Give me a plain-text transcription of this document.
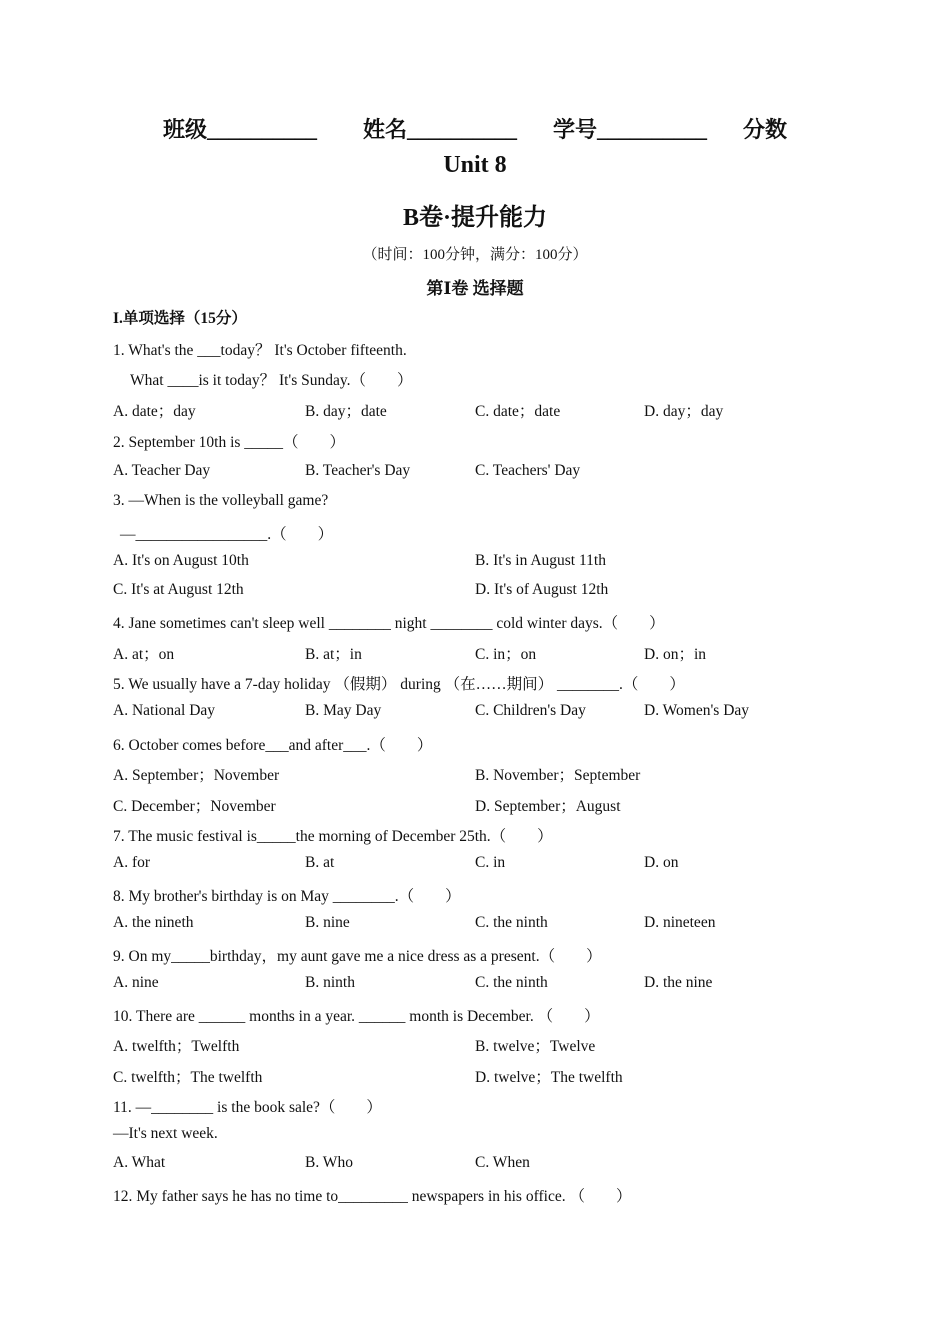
班级__________ 姓名__________ 学号__________ 分数
Unit 8
B卷·提升能力
（时间：100分钟，满分：100分）
第Ⅰ卷 选择题
I.单项选择（15分）
1. What's the ___today？ It's October fifteenth.
What ____is it today？ It's Sunday.（　　）
A. date；day	B. day；date	C. date；date	D. day；day
2. September 10th is _____（　　）
A. Teacher Day	B. Teacher's Day	C. Teachers' Day
3. —When is the volleyball game?
—_________________.（　　）
A. It's on August 10th	B. It's in August 11th
C. It's at August 12th	D. It's of August 12th
4. Jane sometimes can't sleep well ________ night ________ cold winter days.（　　）
A. at；on	B. at；in	C. in；on	D. on；in
5. We usually have a 7-day holiday （假期） during （在……期间） ________.（　　）
A. National Day	B. May Day	C. Children's Day	D. Women's Day
6. October comes before___and after___.（　　）
A. September；November	B. November；September
C. December；November	D. September；August
7. The music festival is_____the morning of December 25th.（　　）
A. for	B. at	C. in	D. on
8. My brother's birthday is on May ________.（　　）
A. the nineth	B. nine	C. the ninth	D. nineteen
9. On my_____birthday，my aunt gave me a nice dress as a present.（　　）
A. nine	B. ninth	C. the ninth	D. the nine
10. There are ______ months in a year. ______ month is December. （　　）
A. twelfth；Twelfth	B. twelve；Twelve
C. twelfth；The twelfth	D. twelve；The twelfth
11. —________ is the book sale?（　　）
—It's next week.
A. What	B. Who	C. When
12. My father says he has no time to_________ newspapers in his office. （　　）
